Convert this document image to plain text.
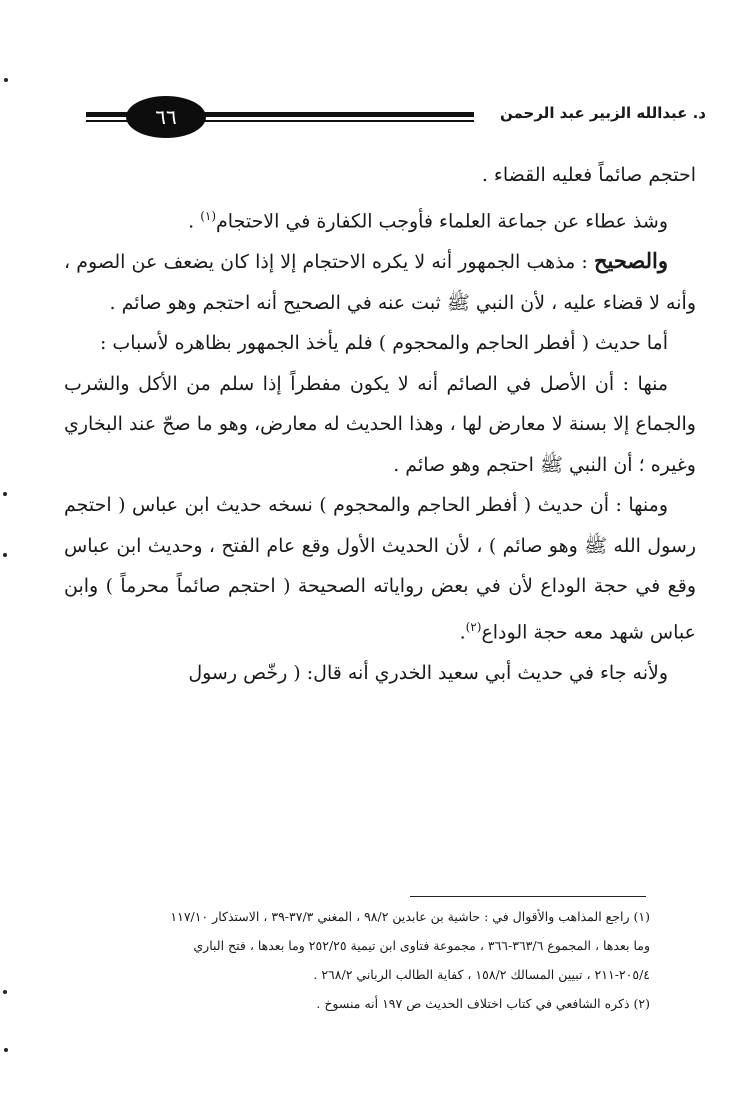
٦٦	د. عبدالله الزبير عبد الرحمن

احتجم صائماً فعليه القضاء .

وشذ عطاء عن جماعة العلماء فأوجب الكفارة في الاحتجام$^{(١)}$ .

والصحيح : مذهب الجمهور أنه لا يكره الاحتجام إلا إذا كان يضعف عن الصوم ، وأنه لا قضاء عليه ، لأن النبي ﷺ ثبت عنه في الصحيح أنه احتجم وهو صائم .

أما حديث ( أفطر الحاجم والمحجوم ) فلم يأخذ الجمهور بظاهره لأسباب :

منها : أن الأصل في الصائم أنه لا يكون مفطراً إذا سلم من الأكل والشرب والجماع إلا بسنة لا معارض لها ، وهذا الحديث له معارض، وهو ما صحّ عند البخاري وغيره ؛ أن النبي ﷺ احتجم وهو صائم .

ومنها : أن حديث ( أفطر الحاجم والمحجوم ) نسخه حديث ابن عباس ( احتجم رسول الله ﷺ وهو صائم ) ، لأن الحديث الأول وقع عام الفتح ، وحديث ابن عباس وقع في حجة الوداع لأن في بعض رواياته الصحيحة ( احتجم صائماً محرماً ) وابن عباس شهد معه حجة الوداع$^{(٢)}$.

ولأنه جاء في حديث أبي سعيد الخدري أنه قال: ( رخّص رسول

(١) راجع المذاهب والأقوال في : حاشية بن عابدين ٩٨/٢ ، المغني ٣٧/٣-٣٩ ، الاستذكار ١١٧/١٠

وما بعدها ، المجموع ٣٦٣/٦-٣٦٦ ، مجموعة فتاوى ابن تيمية ٢٥٢/٢٥ وما بعدها ، فتح الباري

٢٠٥/٤-٢١١ ، تبيين المسالك ١٥٨/٢ ، كفاية الطالب الرباني ٢٦٨/٢ .

(٢) ذكره الشافعي في كتاب اختلاف الحديث ص ١٩٧ أنه منسوخ .
